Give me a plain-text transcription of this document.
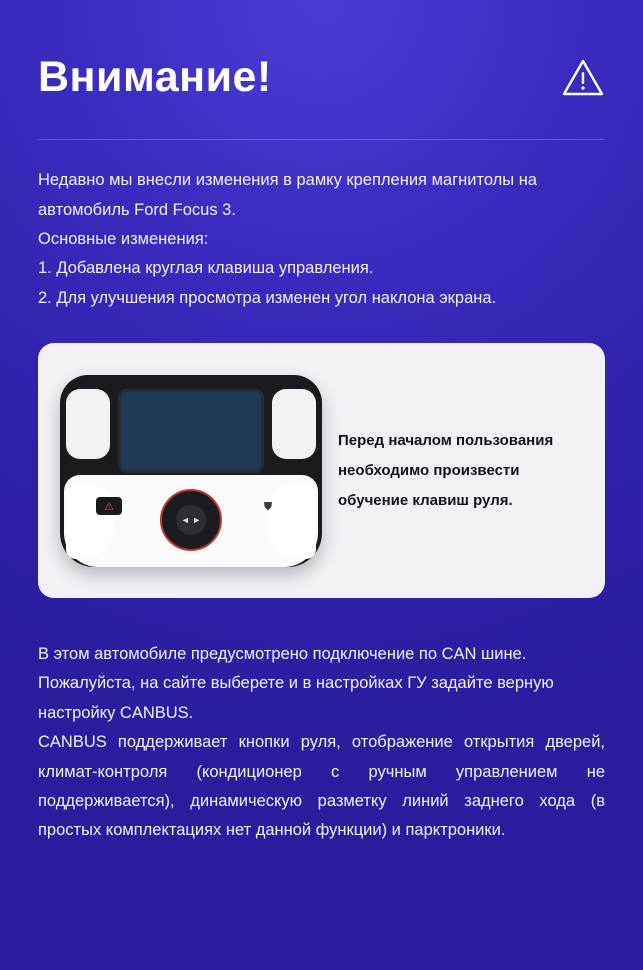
Внимание!

Недавно мы внесли изменения в рамку крепления магнитолы на автомобиль Ford Focus 3.

Основные изменения:

1. Добавлена круглая клавиша управления.

2. Для улучшения просмотра изменен угол наклона экрана.

⚠	⛊
◄ ►
Перед началом пользования
необходимо произвести
обучение клавиш руля.

В этом автомобиле предусмотрено подключение по CAN шине. Пожалуйста, на сайте выберете и в настройках ГУ задайте верную настройку CANBUS.

CANBUS поддерживает кнопки руля, отображение открытия дверей, климат-контроля (кондиционер с ручным управлением не поддерживается), динамическую разметку линий заднего хода (в простых комплектациях нет данной функции) и парктроники.
